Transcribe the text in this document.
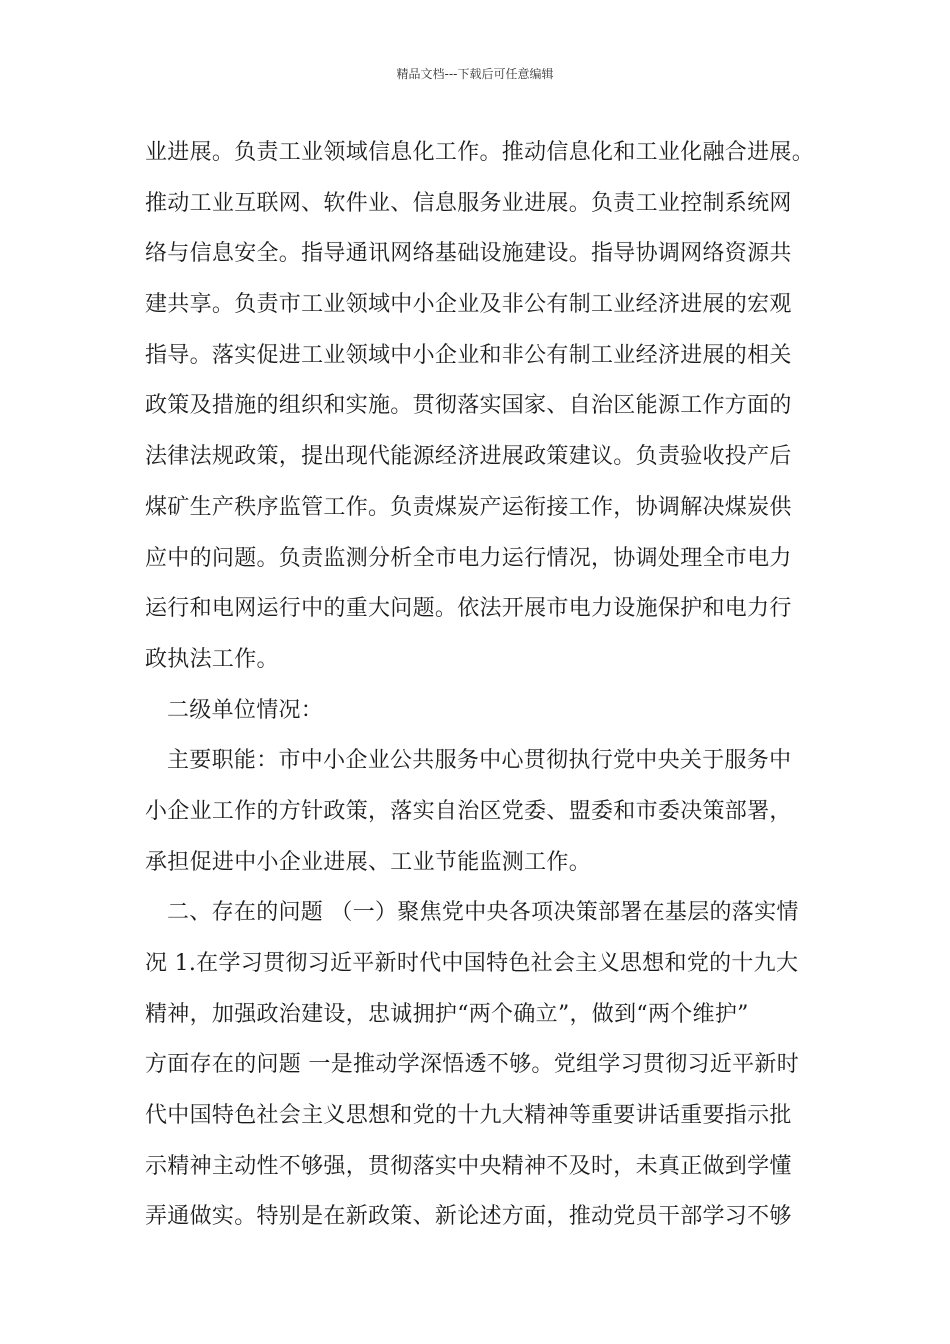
精品文档---下载后可任意编辑
业进展。负责工业领域信息化工作。推动信息化和工业化融合进展。
推动工业互联网、软件业、信息服务业进展。负责工业控制系统网
络与信息安全。指导通讯网络基础设施建设。指导协调网络资源共
建共享。负责市工业领域中小企业及非公有制工业经济进展的宏观
指导。落实促进工业领域中小企业和非公有制工业经济进展的相关
政策及措施的组织和实施。贯彻落实国家、自治区能源工作方面的
法律法规政策，提出现代能源经济进展政策建议。负责验收投产后
煤矿生产秩序监管工作。负责煤炭产运衔接工作，协调解决煤炭供
应中的问题。负责监测分析全市电力运行情况，协调处理全市电力
运行和电网运行中的重大问题。依法开展市电力设施保护和电力行
政执法工作。
二级单位情况：
主要职能：市中小企业公共服务中心贯彻执行党中央关于服务中
小企业工作的方针政策，落实自治区党委、盟委和市委决策部署，
承担促进中小企业进展、工业节能监测工作。
二、存在的问题 （一）聚焦党中央各项决策部署在基层的落实情
况 1.在学习贯彻习近平新时代中国特色社会主义思想和党的十九大
精神，加强政治建设，忠诚拥护“两个确立”，做到“两个维护”
方面存在的问题 一是推动学深悟透不够。党组学习贯彻习近平新时
代中国特色社会主义思想和党的十九大精神等重要讲话重要指示批
示精神主动性不够强，贯彻落实中央精神不及时，未真正做到学懂
弄通做实。特别是在新政策、新论述方面，推动党员干部学习不够
